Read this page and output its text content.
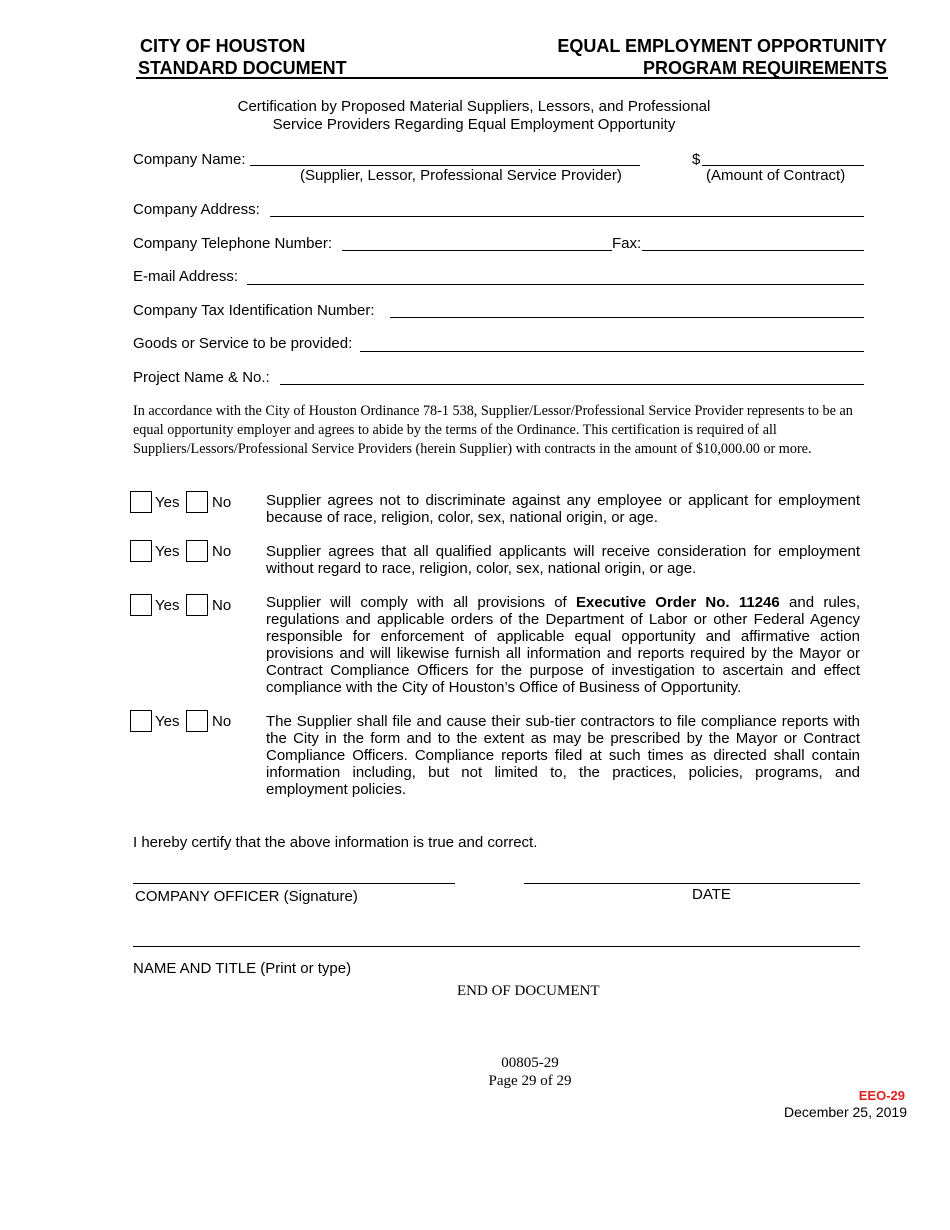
CITY OF HOUSTON
STANDARD DOCUMENT
EQUAL EMPLOYMENT OPPORTUNITY
PROGRAM REQUIREMENTS
Certification by Proposed Material Suppliers, Lessors, and Professional
Service Providers Regarding Equal Employment Opportunity
Company Name:
(Supplier, Lessor, Professional Service Provider)
$
(Amount of Contract)
Company Address:
Company Telephone Number:	Fax:
E-mail Address:
Company Tax Identification Number:
Goods or Service to be provided:
Project Name & No.:
In accordance with the City of Houston Ordinance 78-1 538, Supplier/Lessor/Professional Service Provider represents to be an equal opportunity employer and agrees to abide by the terms of the Ordinance. This certification is required of all Suppliers/Lessors/Professional Service Providers (herein Supplier) with contracts in the amount of $10,000.00 or more.
Yes No Supplier agrees not to discriminate against any employee or applicant for employment because of race, religion, color, sex, national origin, or age.
Yes No Supplier agrees that all qualified applicants will receive consideration for employment without regard to race, religion, color, sex, national origin, or age.
Yes No Supplier will comply with all provisions of Executive Order No. 11246 and rules, regulations and applicable orders of the Department of Labor or other Federal Agency responsible for enforcement of applicable equal opportunity and affirmative action provisions and will likewise furnish all information and reports required by the Mayor or Contract Compliance Officers for the purpose of investigation to ascertain and effect compliance with the City of Houston’s Office of Business of Opportunity.
Yes No The Supplier shall file and cause their sub-tier contractors to file compliance reports with the City in the form and to the extent as may be prescribed by the Mayor or Contract Compliance Officers. Compliance reports filed at such times as directed shall contain information including, but not limited to, the practices, policies, programs, and employment policies.
I hereby certify that the above information is true and correct.
COMPANY OFFICER (Signature)	DATE
NAME AND TITLE (Print or type)
END OF DOCUMENT
00805-29
Page 29 of 29
EEO-29
December 25, 2019
